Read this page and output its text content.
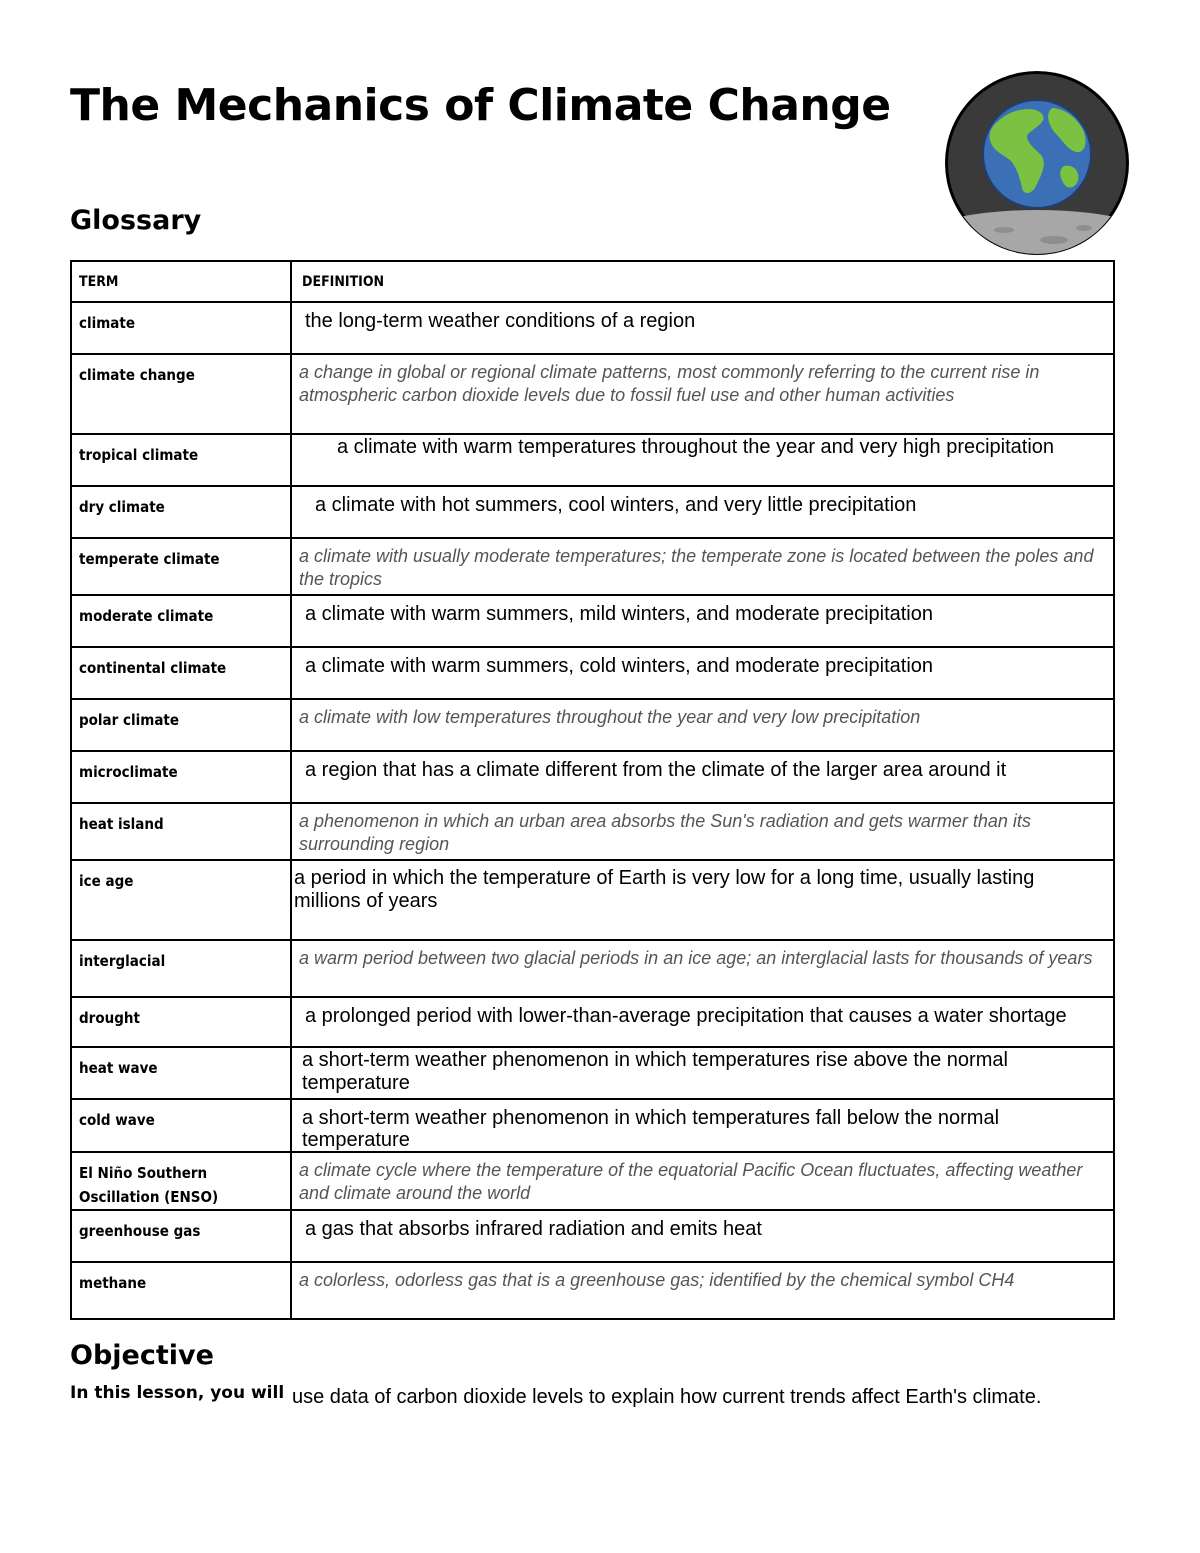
The Mechanics of Climate Change
Glossary
TERM	DEFINITION
climate	the long-term weather conditions of a region
climate change	a change in global or regional climate patterns, most commonly referring to the current rise in atmospheric carbon dioxide levels due to fossil fuel use and other human activities
tropical climate	a climate with warm temperatures throughout the year and very high precipitation
dry climate	a climate with hot summers, cool winters, and very little precipitation
temperate climate	a climate with usually moderate temperatures; the temperate zone is located between the poles and the tropics
moderate climate	a climate with warm summers, mild winters, and moderate precipitation
continental climate	a climate with warm summers, cold winters, and moderate precipitation
polar climate	a climate with low temperatures throughout the year and very low precipitation
microclimate	a region that has a climate different from the climate of the larger area around it
heat island	a phenomenon in which an urban area absorbs the Sun's radiation and gets warmer than its surrounding region
ice age	a period in which the temperature of Earth is very low for a long time, usually lasting millions of years
interglacial	a warm period between two glacial periods in an ice age; an interglacial lasts for thousands of years
drought	a prolonged period with lower-than-average precipitation that causes a water shortage
heat wave	a short-term weather phenomenon in which temperatures rise above the normal temperature
cold wave	a short-term weather phenomenon in which temperatures fall below the normal temperature
El Niño Southern Oscillation (ENSO)	a climate cycle where the temperature of the equatorial Pacific Ocean fluctuates, affecting weather and climate around the world
greenhouse gas	a gas that absorbs infrared radiation and emits heat
methane	a colorless, odorless gas that is a greenhouse gas; identified by the chemical symbol CH4
Objective
In this lesson, you will use data of carbon dioxide levels to explain how current trends affect Earth's climate.
